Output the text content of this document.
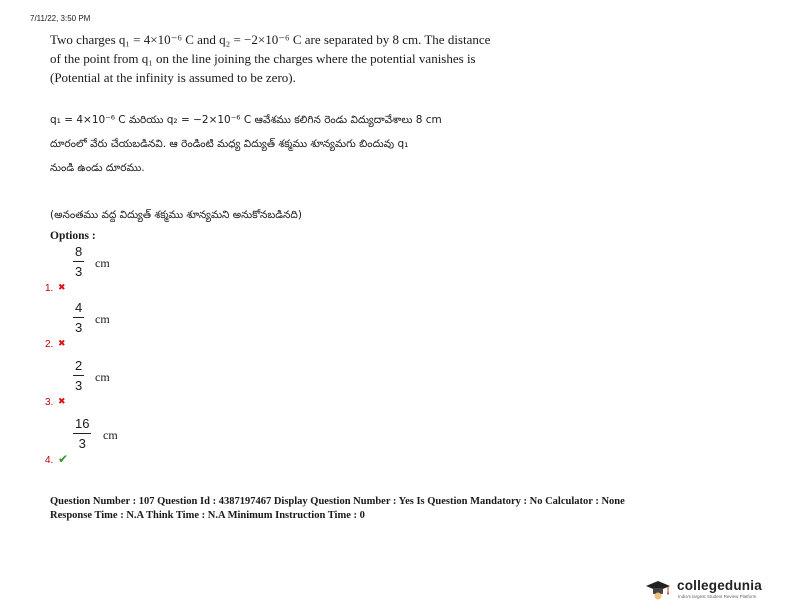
7/11/22, 3:50 PM

Two charges q₁ = 4×10⁻⁶ C and q₂ = −2×10⁻⁶ C are separated by 8 cm. The distance

of the point from q₁ on the line joining the charges where the potential vanishes is

(Potential at the infinity is assumed to be zero).

q₁ = 4×10⁻⁶ C మరియు q₂ = −2×10⁻⁶ C ఆవేశము కలిగిన రెండు విద్యుదావేశాలు 8 cm

దూరంలో వేరు చేయబడినవి. ఆ రెండింటి మధ్య విద్యుత్ శక్మము శూన్యమగు బిందువు q₁

నుండి ఉండు దూరము.

(అనంతము వద్ద విద్యుత్ శక్మము శూన్యమని అనుకోనబడినది)

Options :
1. ✖
8
3
cm
2. ✖
4
3
cm
3. ✖
2
3
cm
4. ✔
16
3
cm

Question Number : 107 Question Id : 4387197467 Display Question Number : Yes Is Question Mandatory : No Calculator : None

Response Time : N.A Think Time : N.A Minimum Instruction Time : 0

collegedunia
India's largest Student Review Platform
